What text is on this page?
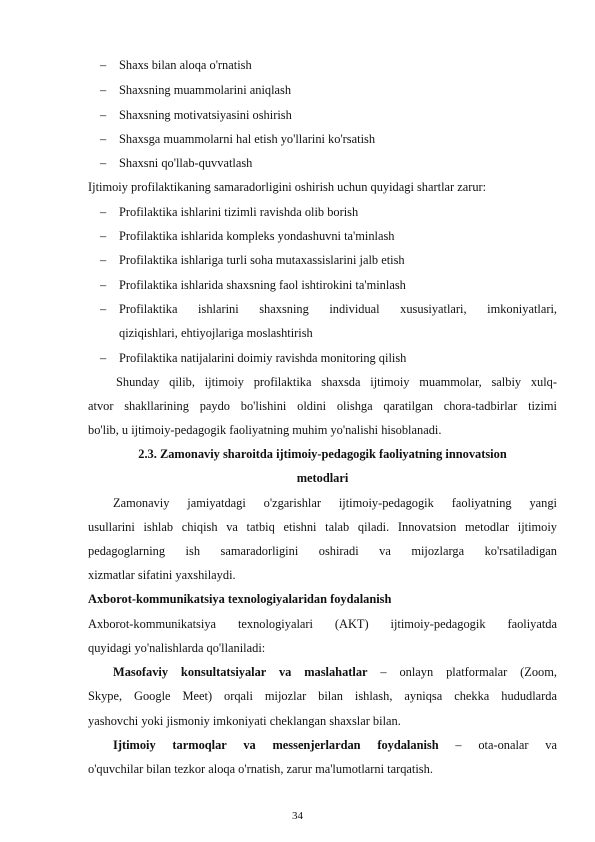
–	Shaxs bilan aloqa o'rnatish

–	Shaxsning muammolarini aniqlash

–	Shaxsning motivatsiyasini oshirish

–	Shaxsga muammolarni hal etish yo'llarini ko'rsatish

–	Shaxsni qo'llab-quvvatlash

Ijtimoiy profilaktikaning samaradorligini oshirish uchun quyidagi shartlar zarur:

–	Profilaktika ishlarini tizimli ravishda olib borish

–	Profilaktika ishlarida kompleks yondashuvni ta'minlash

–	Profilaktika ishlariga turli soha mutaxassislarini jalb etish

–	Profilaktika ishlarida shaxsning faol ishtirokini ta'minlash

–	Profilaktika ishlarini shaxsning individual xususiyatlari, imkoniyatlari,

qiziqishlari, ehtiyojlariga moslashtirish

–	Profilaktika natijalarini doimiy ravishda monitoring qilish

Shunday qilib, ijtimoiy profilaktika shaxsda ijtimoiy muammolar, salbiy xulq-

atvor shakllarining paydo bo'lishini oldini olishga qaratilgan chora-tadbirlar tizimi

bo'lib, u ijtimoiy-pedagogik faoliyatning muhim yo'nalishi hisoblanadi.

2.3. Zamonaviy sharoitda ijtimoiy-pedagogik faoliyatning innovatsion

metodlari

Zamonaviy jamiyatdagi o'zgarishlar ijtimoiy-pedagogik faoliyatning yangi

usullarini ishlab chiqish va tatbiq etishni talab qiladi. Innovatsion metodlar ijtimoiy

pedagoglarning ish samaradorligini oshiradi va mijozlarga ko'rsatiladigan

xizmatlar sifatini yaxshilaydi.

Axborot-kommunikatsiya texnologiyalaridan foydalanish

Axborot-kommunikatsiya texnologiyalari (AKT) ijtimoiy-pedagogik faoliyatda

quyidagi yo'nalishlarda qo'llaniladi:

Masofaviy konsultatsiyalar va maslahatlar – onlayn platformalar (Zoom,

Skype, Google Meet) orqali mijozlar bilan ishlash, ayniqsa chekka hududlarda

yashovchi yoki jismoniy imkoniyati cheklangan shaxslar bilan.

Ijtimoiy tarmoqlar va messenjerlardan foydalanish – ota-onalar va

o'quvchilar bilan tezkor aloqa o'rnatish, zarur ma'lumotlarni tarqatish.

34
